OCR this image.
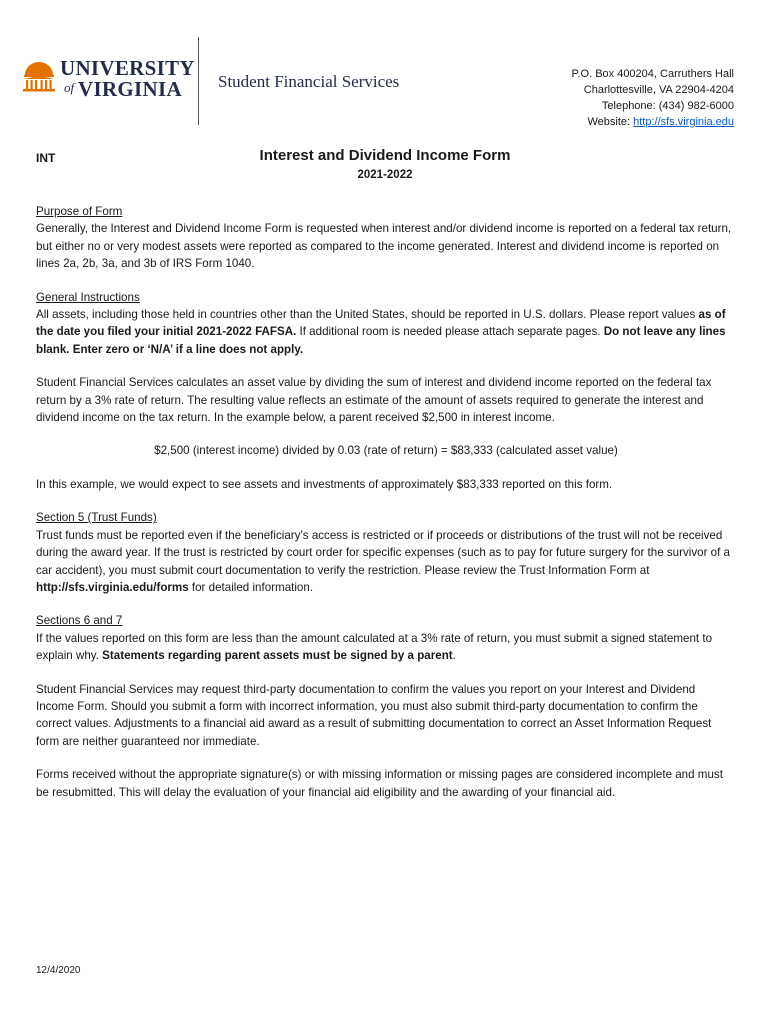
UNIVERSITY
of VIRGINIA Student Financial Services	P.O. Box 400204, Carruthers Hall
Charlottesville, VA 22904-4204
Telephone: (434) 982-6000
Website: http://sfs.virginia.edu
INT	Interest and Dividend Income Form
2021-2022
Purpose of Form

Generally, the Interest and Dividend Income Form is requested when interest and/or dividend income is reported on a federal tax return, but either no or very modest assets were reported as compared to the income generated. Interest and dividend income is reported on lines 2a, 2b, 3a, and 3b of IRS Form 1040.

General Instructions

All assets, including those held in countries other than the United States, should be reported in U.S. dollars. Please report values as of the date you filed your initial 2021-2022 FAFSA. If additional room is needed please attach separate pages. Do not leave any lines blank. Enter zero or ‘N/A’ if a line does not apply.

Student Financial Services calculates an asset value by dividing the sum of interest and dividend income reported on the federal tax return by a 3% rate of return. The resulting value reflects an estimate of the amount of assets required to generate the interest and dividend income on the tax return. In the example below, a parent received $2,500 in interest income.

$2,500 (interest income) divided by 0.03 (rate of return) = $83,333 (calculated asset value)

In this example, we would expect to see assets and investments of approximately $83,333 reported on this form.

Section 5 (Trust Funds)

Trust funds must be reported even if the beneficiary’s access is restricted or if proceeds or distributions of the trust will not be received during the award year. If the trust is restricted by court order for specific expenses (such as to pay for future surgery for the survivor of a car accident), you must submit court documentation to verify the restriction. Please review the Trust Information Form at http://sfs.virginia.edu/forms for detailed information.

Sections 6 and 7

If the values reported on this form are less than the amount calculated at a 3% rate of return, you must submit a signed statement to explain why. Statements regarding parent assets must be signed by a parent.

Student Financial Services may request third-party documentation to confirm the values you report on your Interest and Dividend Income Form. Should you submit a form with incorrect information, you must also submit third-party documentation to confirm the correct values. Adjustments to a financial aid award as a result of submitting documentation to correct an Asset Information Request form are neither guaranteed nor immediate.

Forms received without the appropriate signature(s) or with missing information or missing pages are considered incomplete and must be resubmitted. This will delay the evaluation of your financial aid eligibility and the awarding of your financial aid.

12/4/2020
